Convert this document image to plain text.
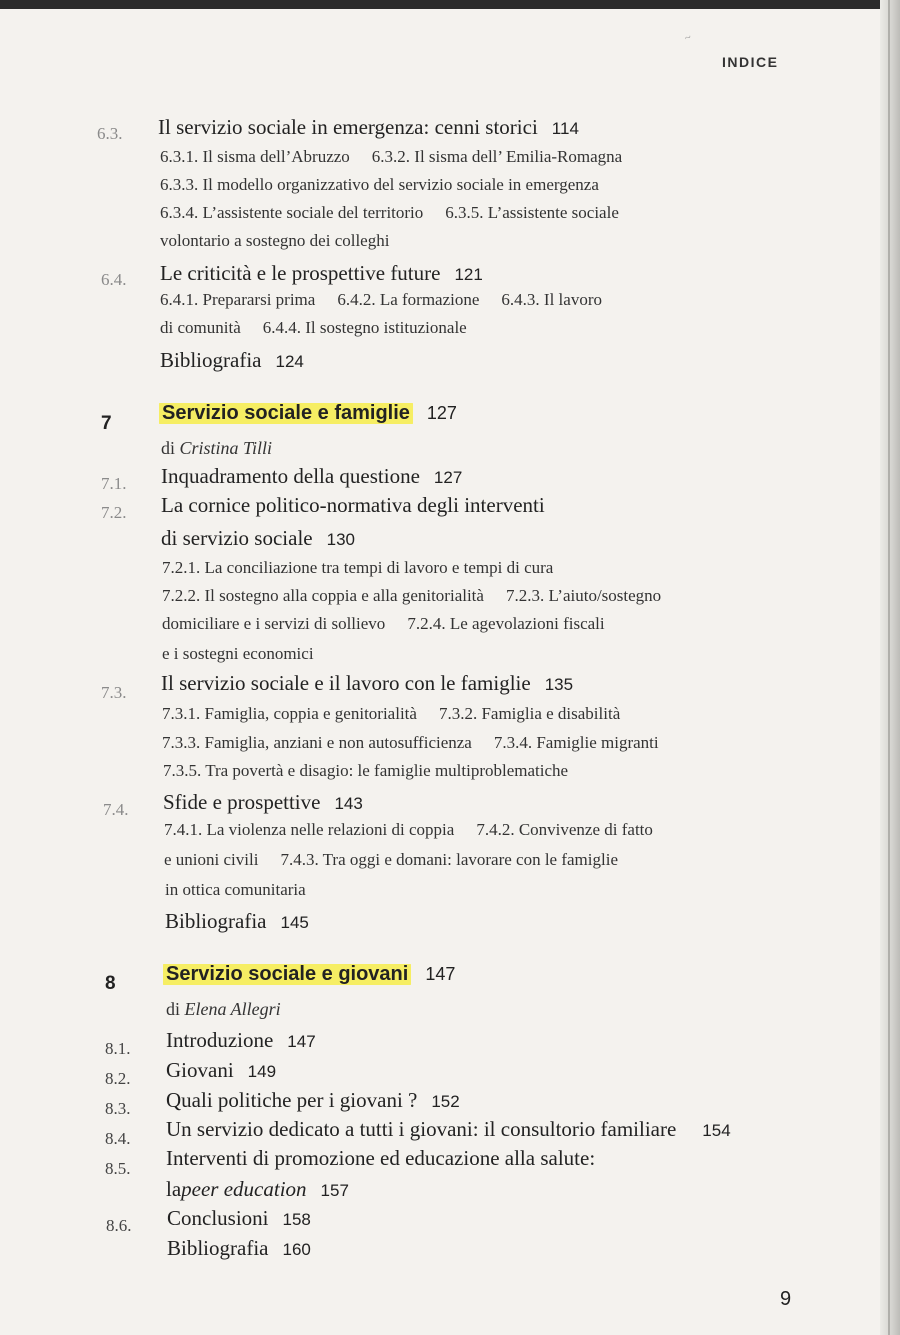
~
INDICE
6.3. Il servizio sociale in emergenza: cenni storici 114
6.3.1. Il sisma dell’Abruzzo 6.3.2. Il sisma dell’ Emilia-Romagna
6.3.3. Il modello organizzativo del servizio sociale in emergenza
6.3.4. L’assistente sociale del territorio 6.3.5. L’assistente sociale
volontario a sostegno dei colleghi
6.4. Le criticità e le prospettive future 121
6.4.1. Prepararsi prima 6.4.2. La formazione 6.4.3. Il lavoro
di comunità 6.4.4. Il sostegno istituzionale
Bibliografia 124
7	Servizio sociale e famiglie 127
di Cristina Tilli
7.1. Inquadramento della questione 127
7.2. La cornice politico-normativa degli interventi
di servizio sociale 130
7.2.1. La conciliazione tra tempi di lavoro e tempi di cura
7.2.2. Il sostegno alla coppia e alla genitorialità 7.2.3. L’aiuto/sostegno
domiciliare e i servizi di sollievo 7.2.4. Le agevolazioni fiscali
e i sostegni economici
7.3. Il servizio sociale e il lavoro con le famiglie 135
7.3.1. Famiglia, coppia e genitorialità 7.3.2. Famiglia e disabilità
7.3.3. Famiglia, anziani e non autosufficienza 7.3.4. Famiglie migranti
7.3.5. Tra povertà e disagio: le famiglie multiproblematiche
7.4. Sfide e prospettive 143
7.4.1. La violenza nelle relazioni di coppia 7.4.2. Convivenze di fatto
e unioni civili 7.4.3. Tra oggi e domani: lavorare con le famiglie
in ottica comunitaria
Bibliografia 145
8	Servizio sociale e giovani 147
di Elena Allegri
8.1. Introduzione 147
8.2. Giovani 149
8.3. Quali politiche per i giovani ? 152
8.4. Un servizio dedicato a tutti i giovani: il consultorio familiare 154
8.5. Interventi di promozione ed educazione alla salute:
lapeer education 157
8.6. Conclusioni 158
Bibliografia 160
9
